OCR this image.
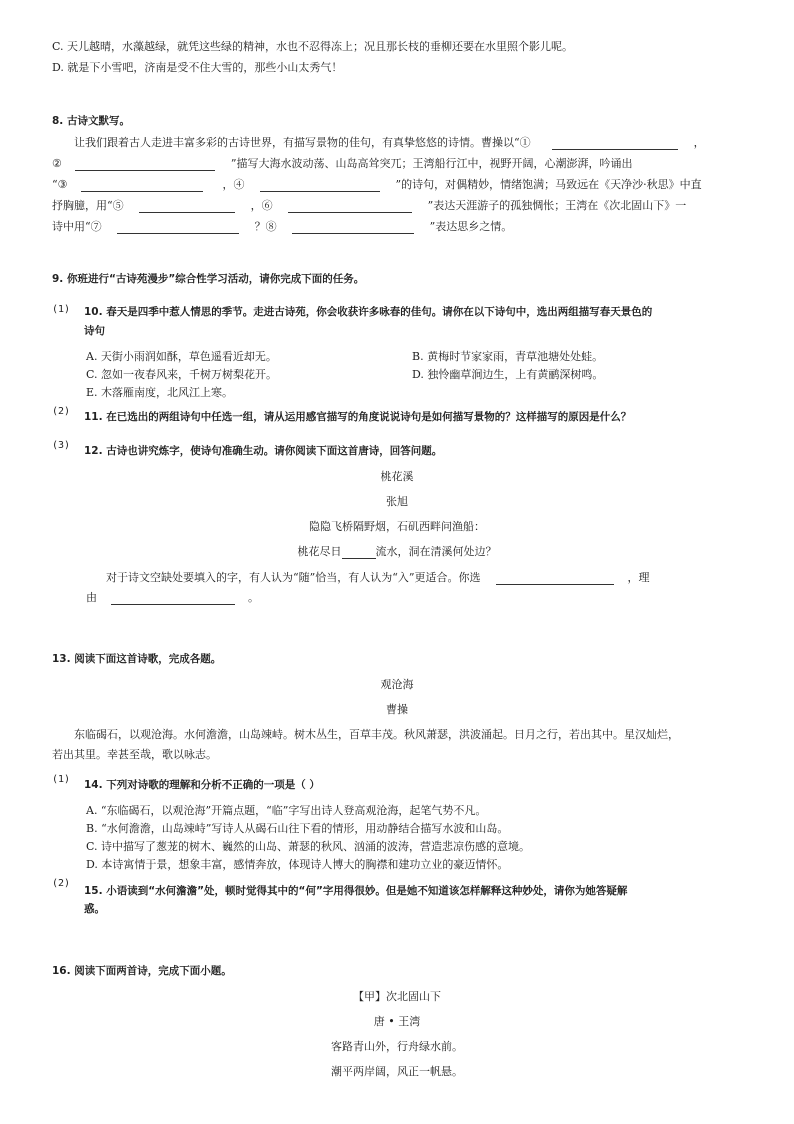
C. 天儿越晴，水藻越绿，就凭这些绿的精神，水也不忍得冻上；况且那长枝的垂柳还要在水里照个影儿呢。
D. 就是下小雪吧，济南是受不住大雪的，那些小山太秀气！
8. 古诗文默写。
让我们跟着古人走进丰富多彩的古诗世界，有描写景物的佳句，有真挚悠悠的诗情。曹操以“①	，
②	”描写大海水波动荡、山岛高耸突兀；王湾船行江中，视野开阔，心潮澎湃，吟诵出
“③	，④	”的诗句，对偶精妙，情绪饱满；马致远在《天净沙·秋思》中直
抒胸臆，用“⑤	，⑥	”表达天涯游子的孤独惆怅；王湾在《次北固山下》一
诗中用“⑦	？⑧	”表达思乡之情。
9. 你班进行“古诗苑漫步”综合性学习活动，请你完成下面的任务。
(1) 10. 春天是四季中惹人情思的季节。走进古诗苑，你会收获许多咏春的佳句。请你在以下诗句中，选出两组描写春天景色的
诗句
A. 天街小雨润如酥，草色遥看近却无。	B. 黄梅时节家家雨，青草池塘处处蛙。
C. 忽如一夜春风来，千树万树梨花开。	D. 独怜幽草涧边生，上有黄鹂深树鸣。
E. 木落雁南度，北风江上寒。
(2) 11. 在已选出的两组诗句中任选一组，请从运用感官描写的角度说说诗句是如何描写景物的？这样描写的原因是什么？
(3) 12. 古诗也讲究炼字，使诗句准确生动。请你阅读下面这首唐诗，回答问题。
桃花溪
张旭
隐隐飞桥隔野烟，石矶西畔问渔船：
桃花尽日	流水，洞在清溪何处边？
对于诗文空缺处要填入的字，有人认为“随”恰当，有人认为“入”更适合。你选	，理
由	。
13. 阅读下面这首诗歌，完成各题。
观沧海
曹操
东临碣石，以观沧海。水何澹澹，山岛竦峙。树木丛生，百草丰茂。秋风萧瑟，洪波涌起。日月之行，若出其中。星汉灿烂，
若出其里。幸甚至哉，歌以咏志。
(1) 14. 下列对诗歌的理解和分析不正确的一项是（ ）
A. “东临碣石，以观沧海”开篇点题，“临”字写出诗人登高观沧海，起笔气势不凡。
B. “水何澹澹，山岛竦峙”写诗人从碣石山往下看的情形，用动静结合描写水波和山岛。
C. 诗中描写了葱茏的树木、巍然的山岛、萧瑟的秋风、汹涌的波涛，营造悲凉伤感的意境。
D. 本诗寓情于景，想象丰富，感情奔放，体现诗人博大的胸襟和建功立业的豪迈情怀。
(2)
15. 小语读到“水何澹澹”处，顿时觉得其中的“何”字用得很妙。但是她不知道该怎样解释这种妙处，请你为她答疑解
惑。
16. 阅读下面两首诗，完成下面小题。
【甲】次北固山下
唐 • 王湾
客路青山外，行舟绿水前。
潮平两岸阔，风正一帆悬。
